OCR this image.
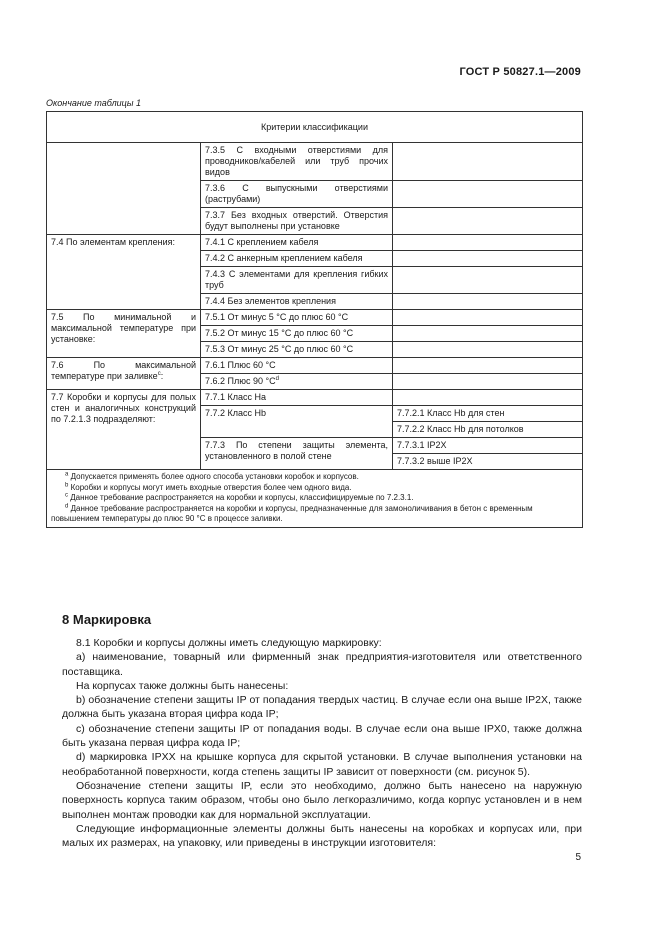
ГОСТ Р 50827.1—2009
Окончание таблицы 1
Критерии классификации		
	7.3.5 С входными отверстиями для проводников/кабелей или труб прочих видов	
	7.3.6 С выпускными отверстиями (раструбами)	
	7.3.7 Без входных отверстий. Отверстия будут выполнены при установке	
7.4 По элементам крепления:	7.4.1 С креплением кабеля	
	7.4.2 С анкерным креплением кабеля	
	7.4.3 С элементами для крепления гибких труб	
	7.4.4 Без элементов крепления	
7.5 По минимальной и максимальной температуре при установке:	7.5.1 От минус 5 °С до плюс 60 °С	
	7.5.2 От минус 15 °С до плюс 60 °С	
	7.5.3 От минус 25 °С до плюс 60 °С	
7.6 По максимальной температуре при заливке$^c$:	7.6.1 Плюс 60 °С	
	7.6.2 Плюс 90 $^\circ С^d$	
7.7 Коробки и корпусы для полых стен и аналогичных конструкций по 7.2.1.3 подразделяют:	7.7.1 Класс Ha	
	7.7.2 Класс Hb	7.7.2.1 Класс Hb для стен
		7.7.2.2 Класс Hb для потолков
	7.7.3 По степени защиты элемента, установленного в полой стене	7.7.3.1 IP2X
		7.7.3.2 выше IP2X

$^a$ Допускается применять более одного способа установки коробок и корпусов.

$^b$ Коробки и корпусы могут иметь входные отверстия более чем одного вида.

$^c$ Данное требование распространяется на коробки и корпусы, классифицируемые по 7.2.3.1.

$^d$ Данное требование распространяется на коробки и корпусы, предназначенные для замоноличивания в бетон с временным повышением температуры до плюс 90 °С в процессе заливки.		

8 Маркировка

8.1 Коробки и корпусы должны иметь следующую маркировку:

а) наименование, товарный или фирменный знак предприятия-изготовителя или ответственного поставщика.

На корпусах также должны быть нанесены:

b) обозначение степени защиты IP от попадания твердых частиц. В случае если она выше IP2X, также должна быть указана вторая цифра кода IP;

c) обозначение степени защиты IP от попадания воды. В случае если она выше IPX0, также должна быть указана первая цифра кода IP;

d) маркировка IPXX на крышке корпуса для скрытой установки. В случае выполнения установки на необработанной поверхности, когда степень защиты IP зависит от поверхности (см. рисунок 5).

Обозначение степени защиты IP, если это необходимо, должно быть нанесено на наружную поверхность корпуса таким образом, чтобы оно было легкоразличимо, когда корпус установлен и в нем выполнен монтаж проводки как для нормальной эксплуатации.

Следующие информационные элементы должны быть нанесены на коробках и корпусах или, при малых их размерах, на упаковку, или приведены в инструкции изготовителя:

5
